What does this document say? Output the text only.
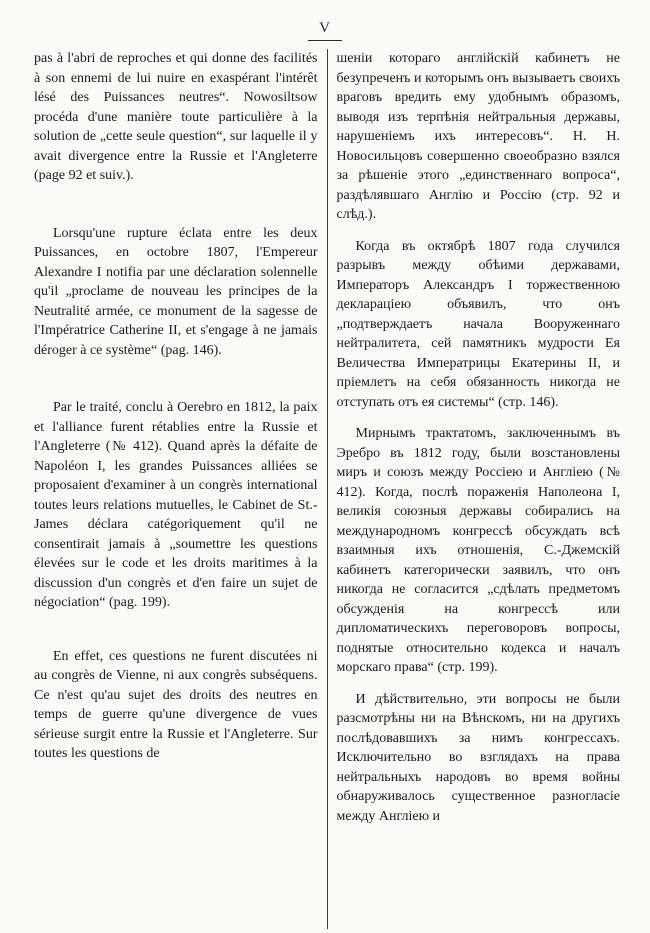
V

pas à l'abri de reproches et qui donne des facilités à son ennemi de lui nuire en exaspérant l'intérêt lésé des Puissances neutres“. Nowosiltsow procéda d'une manière toute particulière à la solution de „cette seule question“, sur laquelle il y avait divergence entre la Russie et l'Angleterre (page 92 et suiv.).

Lorsqu'une rupture éclata entre les deux Puissances, en octobre 1807, l'Empereur Alexandre I notifia par une déclaration solennelle qu'il „proclame de nouveau les principes de la Neutralité armée, ce monument de la sagesse de l'Impératrice Catherine II, et s'engage à ne jamais déroger à ce système“ (pag. 146).

Par le traité, conclu à Oerebro en 1812, la paix et l'alliance furent rétablies entre la Russie et l'Angleterre (№ 412). Quand après la défaite de Napoléon I, les grandes Puissances alliées se proposaient d'examiner à un congrès international toutes leurs relations mutuelles, le Cabinet de St.-James déclara catégoriquement qu'il ne consentirait jamais à „soumettre les questions élevées sur le code et les droits maritimes à la discussion d'un congrès et d'en faire un sujet de négociation“ (pag. 199).

En effet, ces questions ne furent discutées ni au congrès de Vienne, ni aux congrès subséquens. Ce n'est qu'au sujet des droits des neutres en temps de guerre qu'une divergence de vues sérieuse surgit entre la Russie et l'Angleterre. Sur toutes les questions de

шеніи котораго англійскій кабинетъ не безупреченъ и которымъ онъ вызываетъ своихъ враговъ вредить ему удобнымъ образомъ, выводя изъ терпѣнія нейтральныя державы, нарушеніемъ ихъ интересовъ“. Н. Н. Новосильцовъ совершенно своеобразно взялся за рѣшеніе этого „единственнаго вопроса“, раздѣлявшаго Англію и Россію (стр. 92 и слѣд.).

Когда въ октябрѣ 1807 года случился разрывъ между обѣими державами, Императоръ Александръ I торжественною деклараціею объявилъ, что онъ „подтверждаетъ начала Вооруженнаго нейтралитета, сей памятникъ мудрости Ея Величества Императрицы Екатерины II, и пріемлетъ на себя обязанность никогда не отступать отъ ея системы“ (стр. 146).

Мирнымъ трактатомъ, заключеннымъ въ Эребро въ 1812 году, были возстановлены миръ и союзъ между Россіею и Англіею (№ 412). Когда, послѣ пораженія Наполеона I, великія союзныя державы собирались на международномъ конгрессѣ обсуждать всѣ взаимныя ихъ отношенія, С.-Джемскій кабинетъ категорически заявилъ, что онъ никогда не согласится „сдѣлать предметомъ обсужденія на конгрессѣ или дипломатическихъ переговоровъ вопросы, поднятые относительно кодекса и началъ морскаго права“ (стр. 199).

И дѣйствительно, эти вопросы не были разсмотрѣны ни на Вѣнскомъ, ни на другихъ послѣдовавшихъ за нимъ конгрессахъ. Исключительно во взглядахъ на права нейтральныхъ народовъ во время войны обнаруживалось существенное разногласіе между Англіею и
